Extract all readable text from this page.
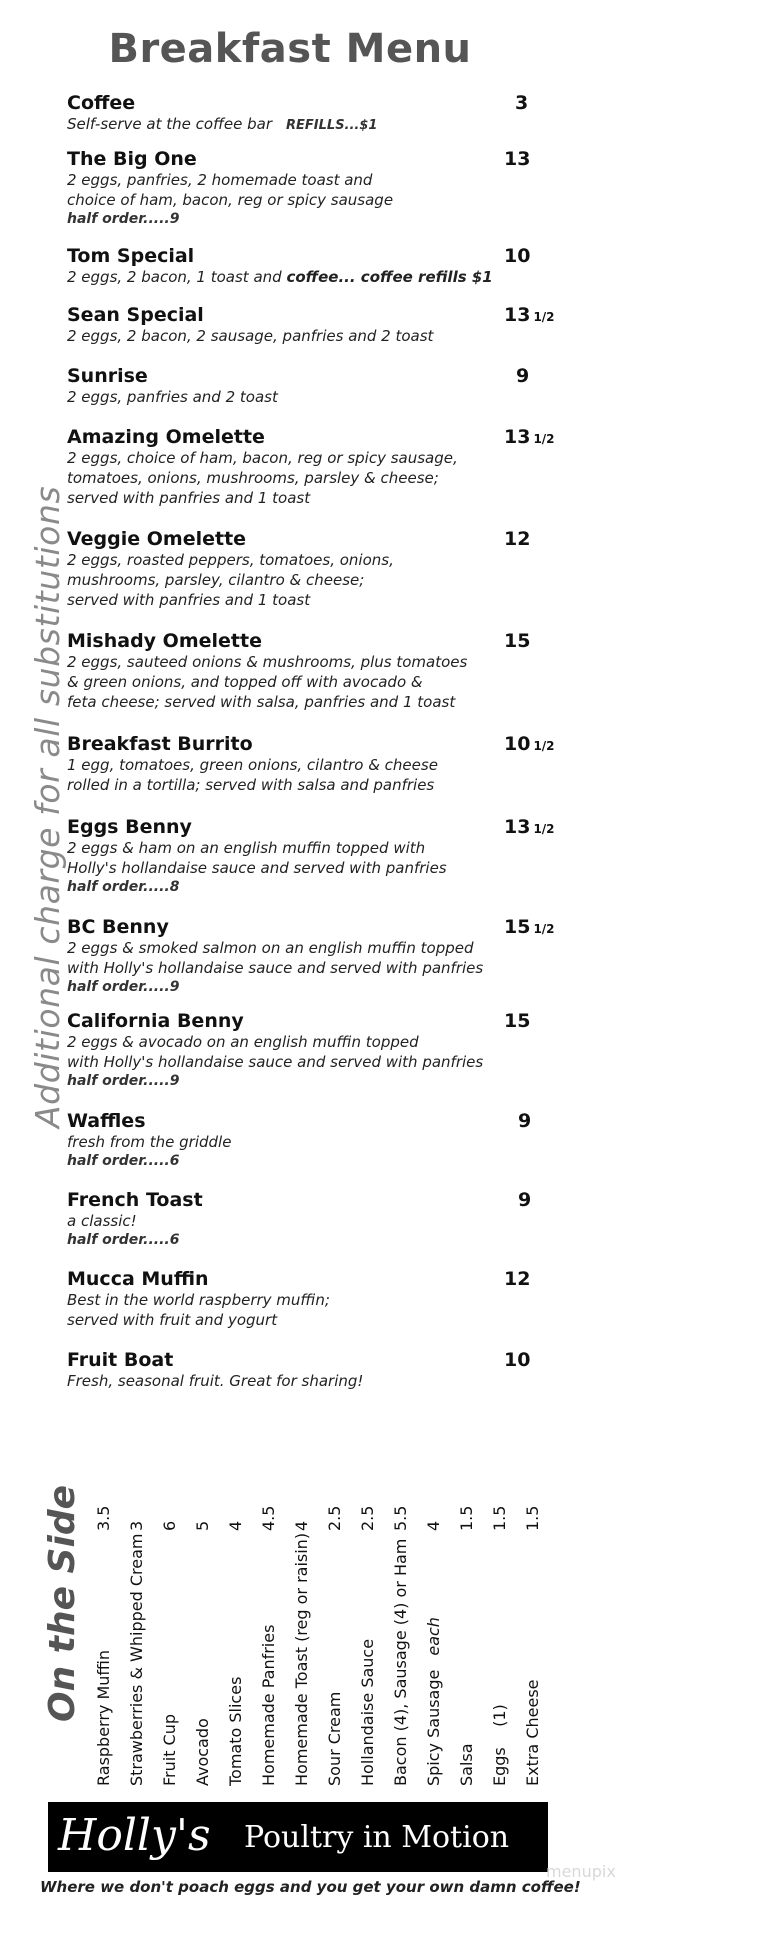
Breakfast Menu
Additional charge for all substitutions
Coffee
Self-serve at the coffee bar REFILLS...$1
3
The Big One
2 eggs, panfries, 2 homemade toast and
choice of ham, bacon, reg or spicy sausage
half order.....9
13
Tom Special
2 eggs, 2 bacon, 1 toast and coffee... coffee refills $1
10
Sean Special
2 eggs, 2 bacon, 2 sausage, panfries and 2 toast
13 1/2
Sunrise
2 eggs, panfries and 2 toast
9
Amazing Omelette
2 eggs, choice of ham, bacon, reg or spicy sausage,
tomatoes, onions, mushrooms, parsley & cheese;
served with panfries and 1 toast
13 1/2
Veggie Omelette
2 eggs, roasted peppers, tomatoes, onions,
mushrooms, parsley, cilantro & cheese;
served with panfries and 1 toast
12
Mishady Omelette
2 eggs, sauteed onions & mushrooms, plus tomatoes
& green onions, and topped off with avocado &
feta cheese; served with salsa, panfries and 1 toast
15
Breakfast Burrito
1 egg, tomatoes, green onions, cilantro & cheese
rolled in a tortilla; served with salsa and panfries
10 1/2
Eggs Benny
2 eggs & ham on an english muffin topped with
Holly's hollandaise sauce and served with panfries
half order.....8
13 1/2
BC Benny
2 eggs & smoked salmon on an english muffin topped
with Holly's hollandaise sauce and served with panfries
half order.....9
15 1/2
California Benny
2 eggs & avocado on an english muffin topped
with Holly's hollandaise sauce and served with panfries
half order.....9
15
Waffles
fresh from the griddle
half order.....6
9
French Toast
a classic!
half order.....6
9
Mucca Muffin
Best in the world raspberry muffin;
served with fruit and yogurt
12
Fruit Boat
Fresh, seasonal fruit. Great for sharing!
10
On the Side 3.5
Raspberry Muffin
3
Strawberries & Whipped Cream
6
Fruit Cup
5
Avocado
4
Tomato Slices
4.5
Homemade Panfries
4
Homemade Toast (reg or raisin)
2.5
Sour Cream
2.5
Hollandaise Sauce
5.5
Bacon (4), Sausage (4) or Ham
4
Spicy Sausageeach
1.5
Salsa
1.5
Eggs    (1)
1.5
Extra Cheese
Holly's Poultry in Motion
menupix
Where we don't poach eggs and you get your own damn coffee!
